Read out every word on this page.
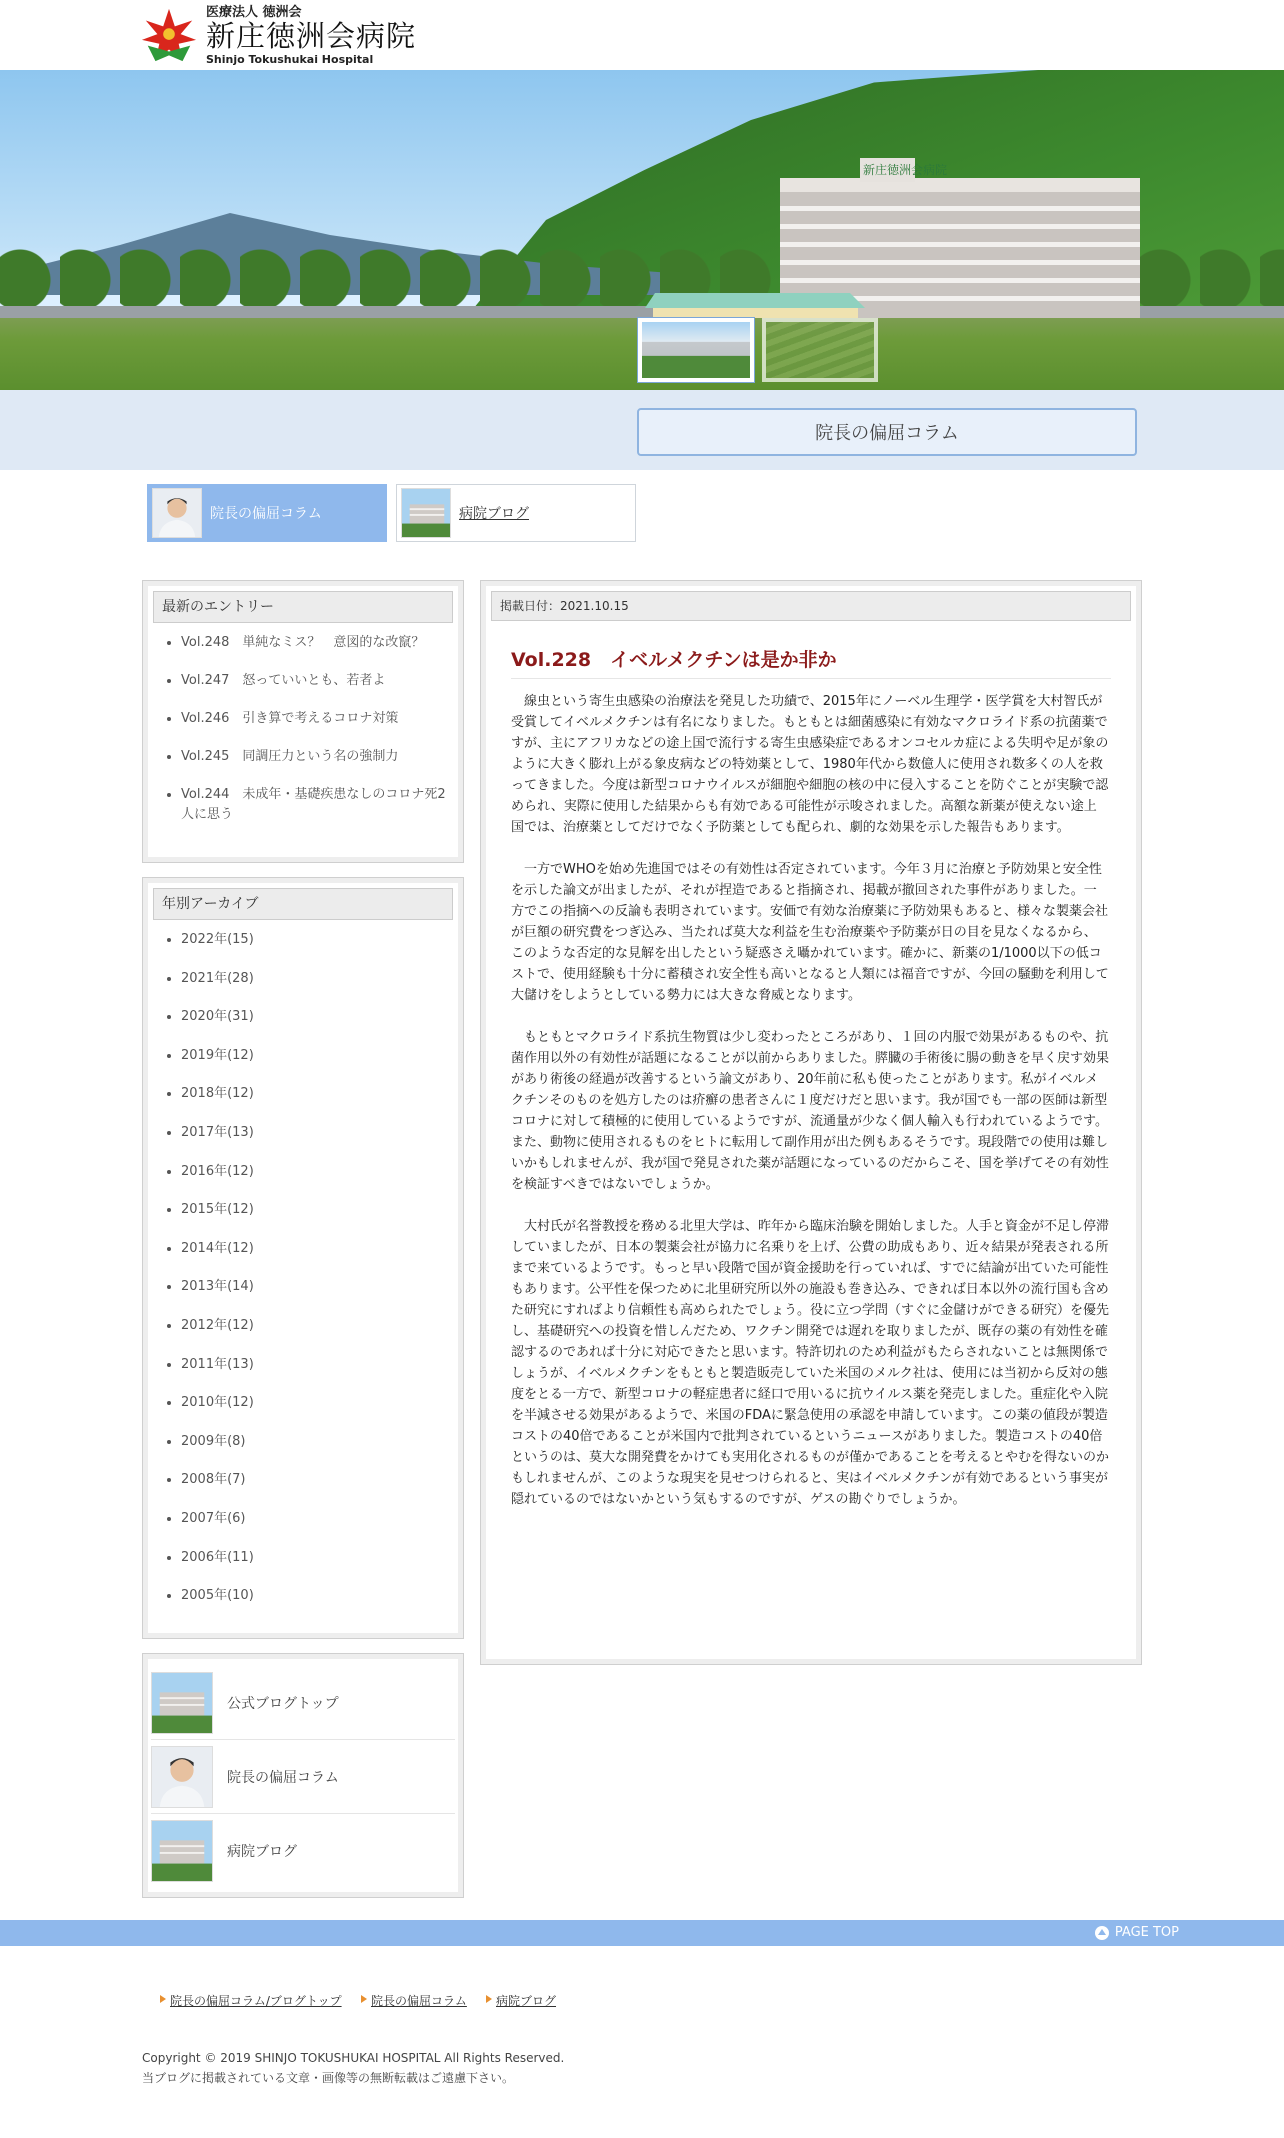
医療法人 徳洲会
新庄徳洲会病院
Shinjo Tokushukai Hospital
新庄徳洲会病院
院長の偏屈コラム
院長の偏屈コラム	病院ブログ
最新のエントリー
• Vol.248　単純なミス？　意図的な改竄？
• Vol.247　怒っていいとも、若者よ
• Vol.246　引き算で考えるコロナ対策
• Vol.245　同調圧力という名の強制力
• Vol.244　未成年・基礎疾患なしのコロナ死2人に思う
年別アーカイブ
• 2022年(15)
• 2021年(28)
• 2020年(31)
• 2019年(12)
• 2018年(12)
• 2017年(13)
• 2016年(12)
• 2015年(12)
• 2014年(12)
• 2013年(14)
• 2012年(12)
• 2011年(13)
• 2010年(12)
• 2009年(8)
• 2008年(7)
• 2007年(6)
• 2006年(11)
• 2005年(10)
公式ブログトップ
院長の偏屈コラム
病院ブログ
掲載日付：2021.10.15
Vol.228　イベルメクチンは是か非か

線虫という寄生虫感染の治療法を発見した功績で、2015年にノーベル生理学・医学賞を大村智氏が受賞してイベルメクチンは有名になりました。もともとは細菌感染に有効なマクロライド系の抗菌薬ですが、主にアフリカなどの途上国で流行する寄生虫感染症であるオンコセルカ症による失明や足が象のように大きく膨れ上がる象皮病などの特効薬として、1980年代から数億人に使用され数多くの人を救ってきました。今度は新型コロナウイルスが細胞や細胞の核の中に侵入することを防ぐことが実験で認められ、実際に使用した結果からも有効である可能性が示唆されました。高額な新薬が使えない途上国では、治療薬としてだけでなく予防薬としても配られ、劇的な効果を示した報告もあります。

一方でWHOを始め先進国ではその有効性は否定されています。今年３月に治療と予防効果と安全性を示した論文が出ましたが、それが捏造であると指摘され、掲載が撤回された事件がありました。一方でこの指摘への反論も表明されています。安価で有効な治療薬に予防効果もあると、様々な製薬会社が巨額の研究費をつぎ込み、当たれば莫大な利益を生む治療薬や予防薬が日の目を見なくなるから、このような否定的な見解を出したという疑惑さえ囁かれています。確かに、新薬の1/1000以下の低コストで、使用経験も十分に蓄積され安全性も高いとなると人類には福音ですが、今回の騒動を利用して大儲けをしようとしている勢力には大きな脅威となります。

もともとマクロライド系抗生物質は少し変わったところがあり、１回の内服で効果があるものや、抗菌作用以外の有効性が話題になることが以前からありました。膵臓の手術後に腸の動きを早く戻す効果があり術後の経過が改善するという論文があり、20年前に私も使ったことがあります。私がイベルメクチンそのものを処方したのは疥癬の患者さんに１度だけだと思います。我が国でも一部の医師は新型コロナに対して積極的に使用しているようですが、流通量が少なく個人輸入も行われているようです。また、動物に使用されるものをヒトに転用して副作用が出た例もあるそうです。現段階での使用は難しいかもしれませんが、我が国で発見された薬が話題になっているのだからこそ、国を挙げてその有効性を検証すべきではないでしょうか。

大村氏が名誉教授を務める北里大学は、昨年から臨床治験を開始しました。人手と資金が不足し停滞していましたが、日本の製薬会社が協力に名乗りを上げ、公費の助成もあり、近々結果が発表される所まで来ているようです。もっと早い段階で国が資金援助を行っていれば、すでに結論が出ていた可能性もあります。公平性を保つために北里研究所以外の施設も巻き込み、できれば日本以外の流行国も含めた研究にすればより信頼性も高められたでしょう。役に立つ学問（すぐに金儲けができる研究）を優先し、基礎研究への投資を惜しんだため、ワクチン開発では遅れを取りましたが、既存の薬の有効性を確認するのであれば十分に対応できたと思います。特許切れのため利益がもたらされないことは無関係でしょうが、イベルメクチンをもともと製造販売していた米国のメルク社は、使用には当初から反対の態度をとる一方で、新型コロナの軽症患者に経口で用いるに抗ウイルス薬を発売しました。重症化や入院を半減させる効果があるようで、米国のFDAに緊急使用の承認を申請しています。この薬の値段が製造コストの40倍であることが米国内で批判されているというニュースがありました。製造コストの40倍というのは、莫大な開発費をかけても実用化されるものが僅かであることを考えるとやむを得ないのかもしれませんが、このような現実を見せつけられると、実はイベルメクチンが有効であるという事実が隠れているのではないかという気もするのですが、ゲスの勘ぐりでしょうか。

PAGE TOP
院長の偏屈コラム/ブログトップ	院長の偏屈コラム	病院ブログ
Copyright © 2019 SHINJO TOKUSHUKAI HOSPITAL All Rights Reserved.
当ブログに掲載されている文章・画像等の無断転載はご遠慮下さい。
